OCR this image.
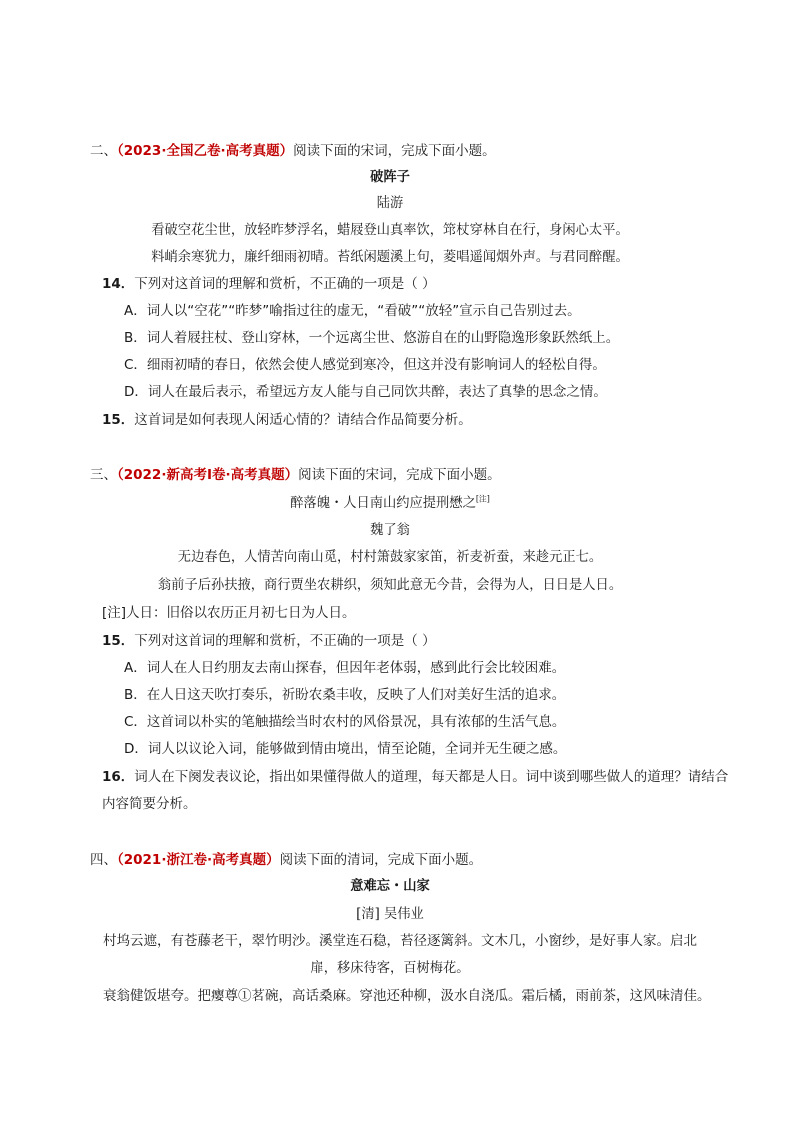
二、（2023·全国乙卷·高考真题）阅读下面的宋词，完成下面小题。
破阵子
陆游
看破空花尘世，放轻昨梦浮名，蜡屐登山真率饮，筇杖穿林自在行，身闲心太平。
料峭余寒犹力，廉纤细雨初晴。苔纸闲题溪上句，菱唱遥闻烟外声。与君同醉醒。
14．下列对这首词的理解和赏析，不正确的一项是（ ）
A．词人以“空花”“昨梦”喻指过往的虚无，“看破”“放轻”宣示自己告别过去。
B．词人着屐拄杖、登山穿林，一个远离尘世、悠游自在的山野隐逸形象跃然纸上。
C．细雨初晴的春日，依然会使人感觉到寒冷，但这并没有影响词人的轻松自得。
D．词人在最后表示，希望远方友人能与自己同饮共醉，表达了真挚的思念之情。
15．这首词是如何表现人闲适心情的？请结合作品简要分析。
三、（2022·新高考Ⅰ卷·高考真题）阅读下面的宋词，完成下面小题。
醉落魄・人日南山约应提刑懋之[注]
魏了翁
无边春色，人情苦向南山觅，村村箫鼓家家笛，祈麦祈蚕，来趁元正七。
翁前子后孙扶掖，商行贾坐农耕织，须知此意无今昔，会得为人，日日是人日。
[注]人日：旧俗以农历正月初七日为人日。
15．下列对这首词的理解和赏析，不正确的一项是（ ）
A．词人在人日约朋友去南山探春，但因年老体弱，感到此行会比较困难。
B．在人日这天吹打奏乐，祈盼农桑丰收，反映了人们对美好生活的追求。
C．这首词以朴实的笔触描绘当时农村的风俗景况，具有浓郁的生活气息。
D．词人以议论入词，能够做到情由境出，情至论随，全词并无生硬之感。
16．词人在下阕发表议论，指出如果懂得做人的道理，每天都是人日。词中谈到哪些做人的道理？请结合
内容简要分析。
四、（2021·浙江卷·高考真题）阅读下面的清词，完成下面小题。
意难忘・山家
[清] 吴伟业
村坞云遮，有苍藤老干，翠竹明沙。溪堂连石稳，苔径逐篱斜。文木几，小窗纱，是好事人家。启北
扉，移床待客，百树梅花。
衰翁健饭堪夸。把瘿尊①茗碗，高话桑麻。穿池还种柳，汲水自浇瓜。霜后橘，雨前茶，这风味清佳。
